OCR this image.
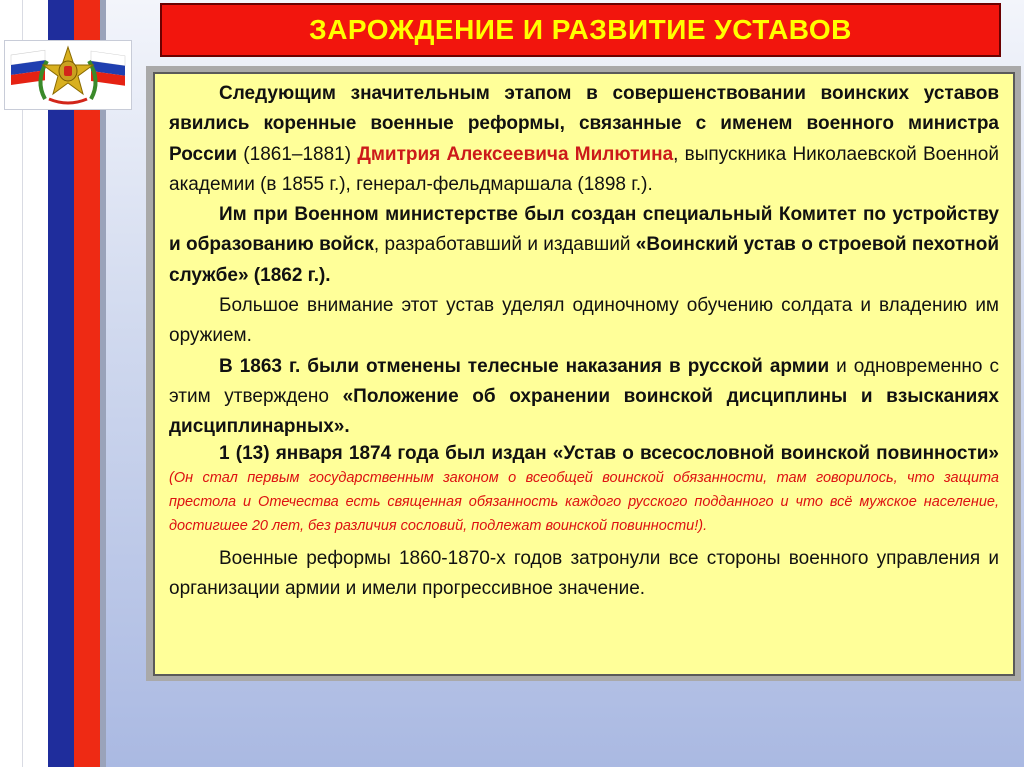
ЗАРОЖДЕНИЕ И РАЗВИТИЕ УСТАВОВ

Следующим значительным этапом в совершенствовании воинских уставов явились коренные военные реформы, связанные с именем военного министра России (1861–1881) Дмитрия Алексеевича Милютина, выпускника Николаевской Военной академии (в 1855 г.), генерал-фельдмаршала (1898 г.).

Им при Военном министерстве был создан специальный Комитет по устройству и образованию войск, разработавший и издавший «Воинский устав о строевой пехотной службе» (1862 г.).

Большое внимание этот устав уделял одиночному обучению солдата и владению им оружием.

В 1863 г. были отменены телесные наказания в русской армии и одновременно с этим утверждено «Положение об охранении воинской дисциплины и взысканиях дисциплинарных».

1 (13) января 1874 года был издан «Устав о всесословной воинской повинности» (Он стал первым государственным законом о всеобщей воинской обязанности, там говорилось, что защита престола и Отечества есть священная обязанность каждого русского подданного и что всё мужское население, достигшее 20 лет, без различия сословий, подлежат воинской повинности!).

Военные реформы 1860-1870-х годов затронули все стороны военного управления и организации армии и имели прогрессивное значение.
